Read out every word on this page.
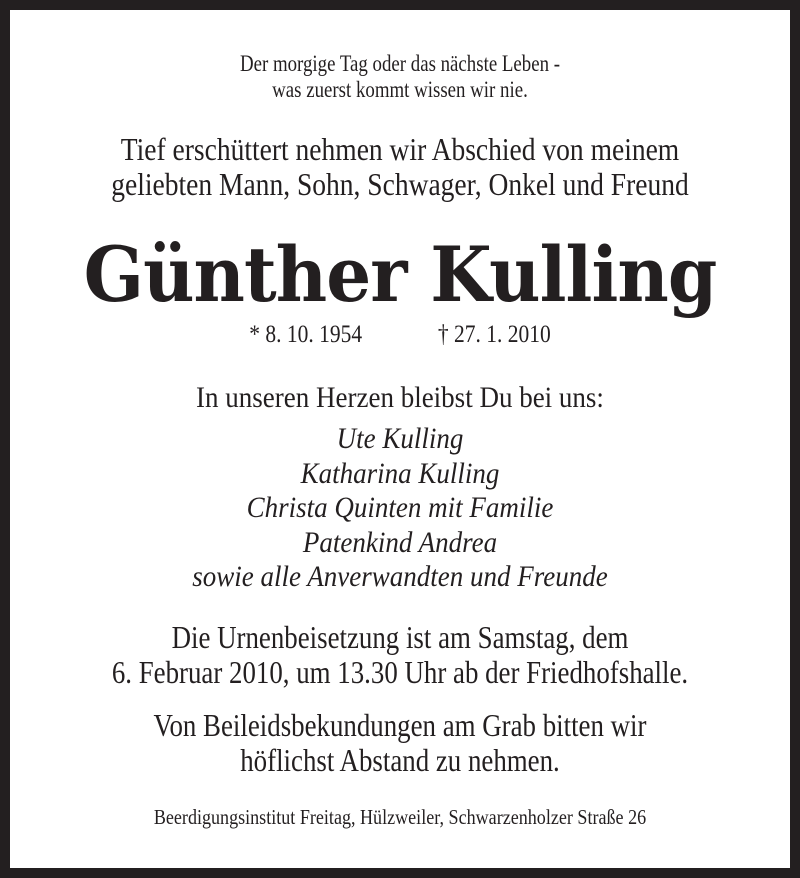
Der morgige Tag oder das nächste Leben -
was zuerst kommt wissen wir nie.
Tief erschüttert nehmen wir Abschied von meinem
geliebten Mann, Sohn, Schwager, Onkel und Freund
Günther Kulling
* 8. 10. 1954	† 27. 1. 2010
In unseren Herzen bleibst Du bei uns:
Ute Kulling
Katharina Kulling
Christa Quinten mit Familie
Patenkind Andrea
sowie alle Anverwandten und Freunde
Die Urnenbeisetzung ist am Samstag, dem
6. Februar 2010, um 13.30 Uhr ab der Friedhofshalle.
Von Beileidsbekundungen am Grab bitten wir
höflichst Abstand zu nehmen.
Beerdigungsinstitut Freitag, Hülzweiler, Schwarzenholzer Straße 26
